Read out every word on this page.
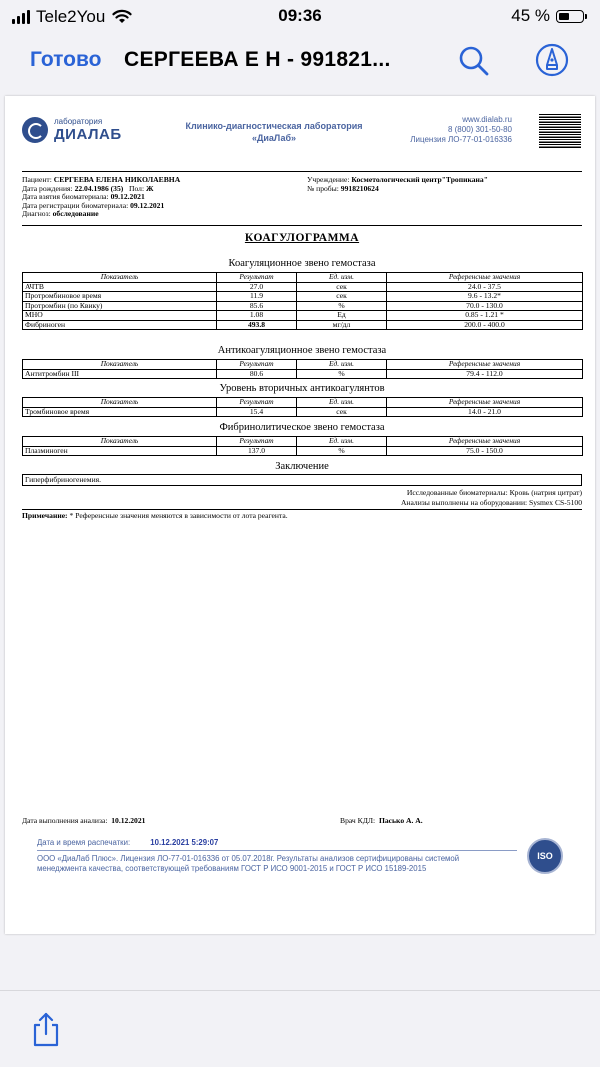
Tele2You	09:36	45 %
Готово СЕРГЕЕВА Е Н - 991821...
лаборатория
ДИАЛАБ	Клинико-диагностическая лаборатория
«ДиаЛаб»
www.dialab.ru
8 (800) 301-50-80
Лицензия ЛО-77-01-016336
Пациент: СЕРГЕЕВА ЕЛЕНА НИКОЛАЕВНА
Дата рождения: 22.04.1986 (35) Пол: Ж
Дата взятия биоматериала: 09.12.2021
Дата регистрации биоматериала: 09.12.2021
Диагноз: обследование
Учреждение: Косметологический центр"Тропикана"
№ пробы: 9918210624
КОАГУЛОГРАММА
Коагуляционное звено гемостаза
Показатель	Результат	Ед. изм.	Референсные значения
АЧТВ	27.0	сек	24.0 - 37.5
Протромбиновое время	11.9	сек	9.6 - 13.2*
Протромбин (по Квику)	85.6	%	70.0 - 130.0
МНО	1.08	Ед	0.85 - 1.21 *
Фибриноген	493.8	мг/дл	200.0 - 400.0
Антикоагуляционное звено гемостаза
Показатель	Результат	Ед. изм.	Референсные значения
Антитромбин III	80.6	%	79.4 - 112.0
Уровень вторичных антикоагулянтов
Показатель	Результат	Ед. изм.	Референсные значения
Тромбиновое время	15.4	сек	14.0 - 21.0
Фибринолитическое звено гемостаза
Показатель	Результат	Ед. изм.	Референсные значения
Плазминоген	137.0	%	75.0 - 150.0
Заключение
Гиперфибриногенемия.
Исследованные биоматериалы: Кровь (натрия цитрат)
Анализы выполнены на оборудовании: Sysmex CS-5100
Примечание: * Референсные значения меняются в зависимости от лота реагента.
Дата выполнения анализа: 10.12.2021	Врач КДЛ: Пасько А. А.
Дата и время распечатки:	10.12.2021 5:29:07
ООО «ДиаЛаб Плюс». Лицензия ЛО-77-01-016336 от 05.07.2018г. Результаты анализов сертифицированы системой
менеджмента качества, соответствующей требованиям ГОСТ Р ИСО 9001-2015 и ГОСТ Р ИСО 15189-2015
ISO
